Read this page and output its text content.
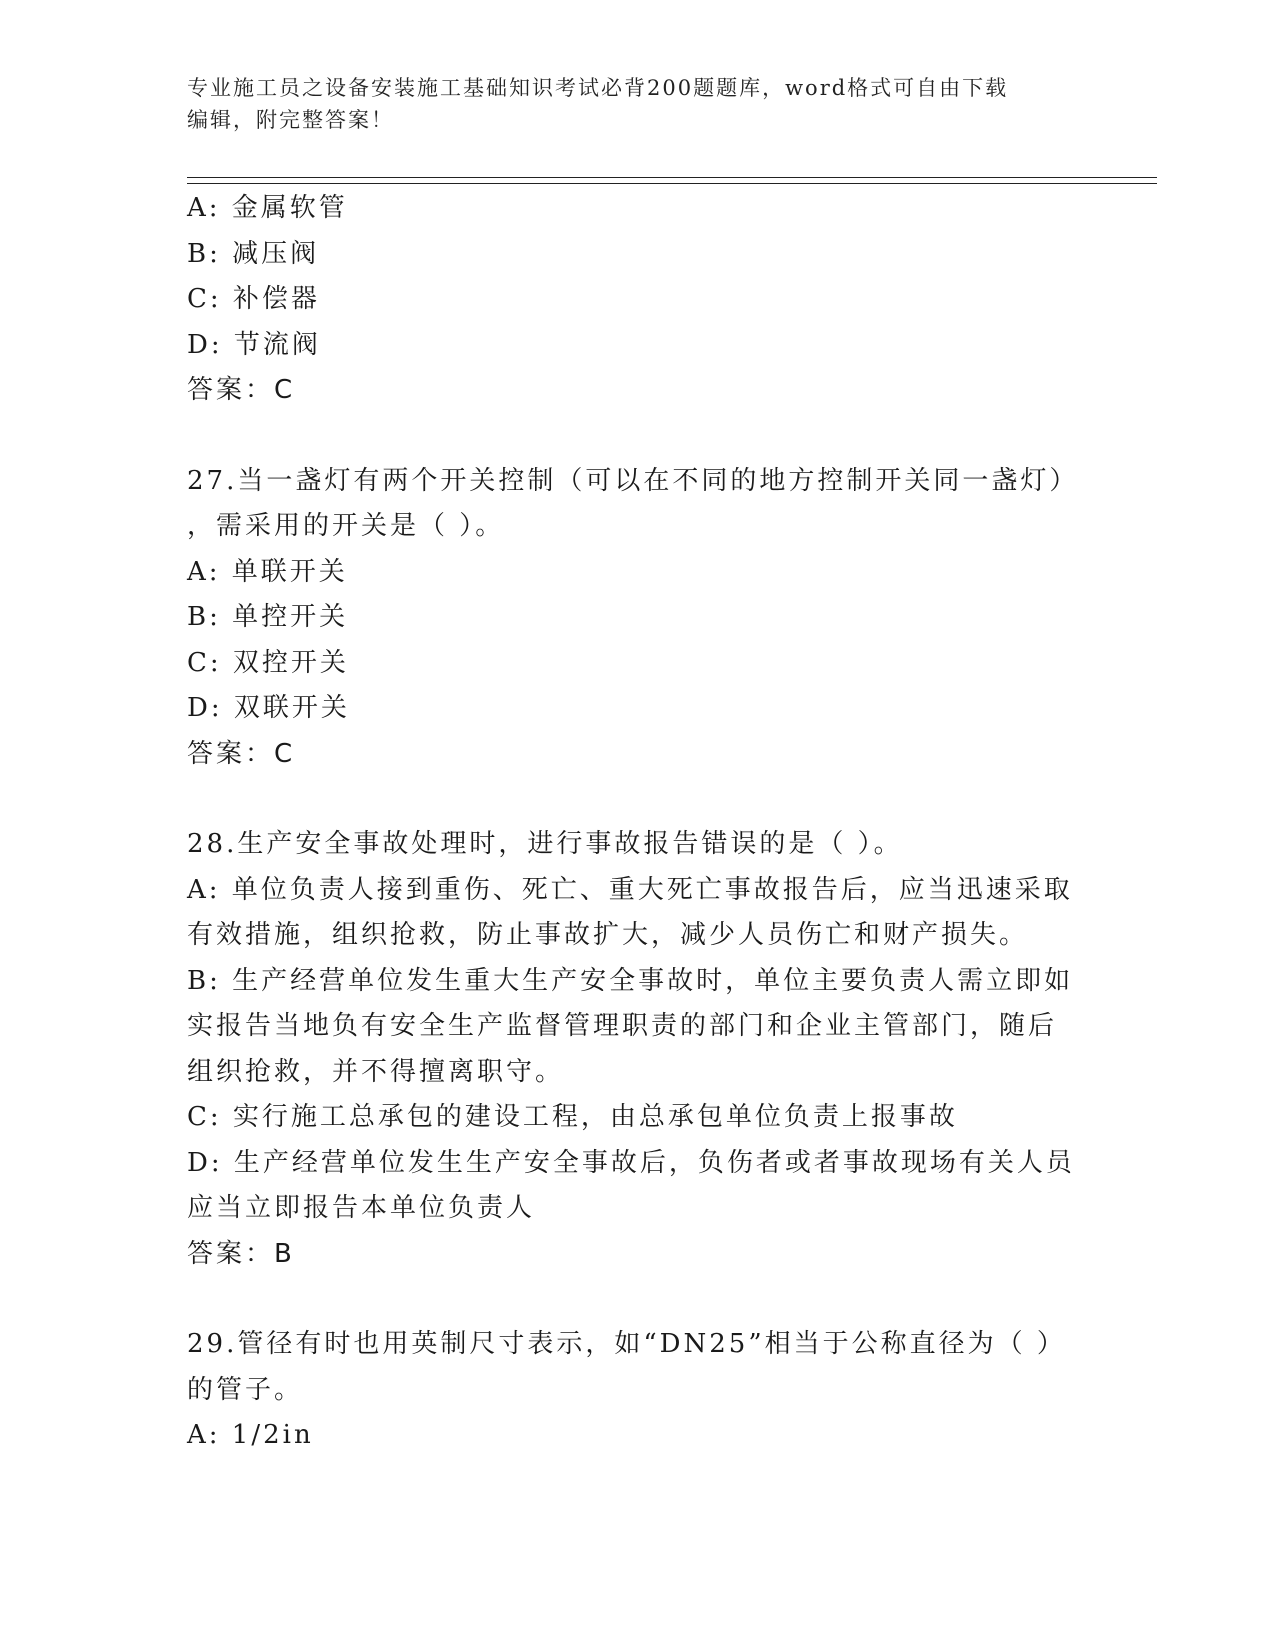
专业施工员之设备安装施工基础知识考试必背200题题库，word格式可自由下载
编辑，附完整答案！
A: 金属软管
B: 减压阀
C: 补偿器
D: 节流阀
答案：C
27.当一盏灯有两个开关控制（可以在不同的地方控制开关同一盏灯）
，需采用的开关是（ ）。
A: 单联开关
B: 单控开关
C: 双控开关
D: 双联开关
答案：C
28.生产安全事故处理时，进行事故报告错误的是（ ）。
A: 单位负责人接到重伤、死亡、重大死亡事故报告后，应当迅速采取
有效措施，组织抢救，防止事故扩大，减少人员伤亡和财产损失。
B: 生产经营单位发生重大生产安全事故时，单位主要负责人需立即如
实报告当地负有安全生产监督管理职责的部门和企业主管部门，随后
组织抢救，并不得擅离职守。
C: 实行施工总承包的建设工程，由总承包单位负责上报事故
D: 生产经营单位发生生产安全事故后，负伤者或者事故现场有关人员
应当立即报告本单位负责人
答案：B
29.管径有时也用英制尺寸表示，如“DN25”相当于公称直径为（ ）
的管子。
A: 1/2in
